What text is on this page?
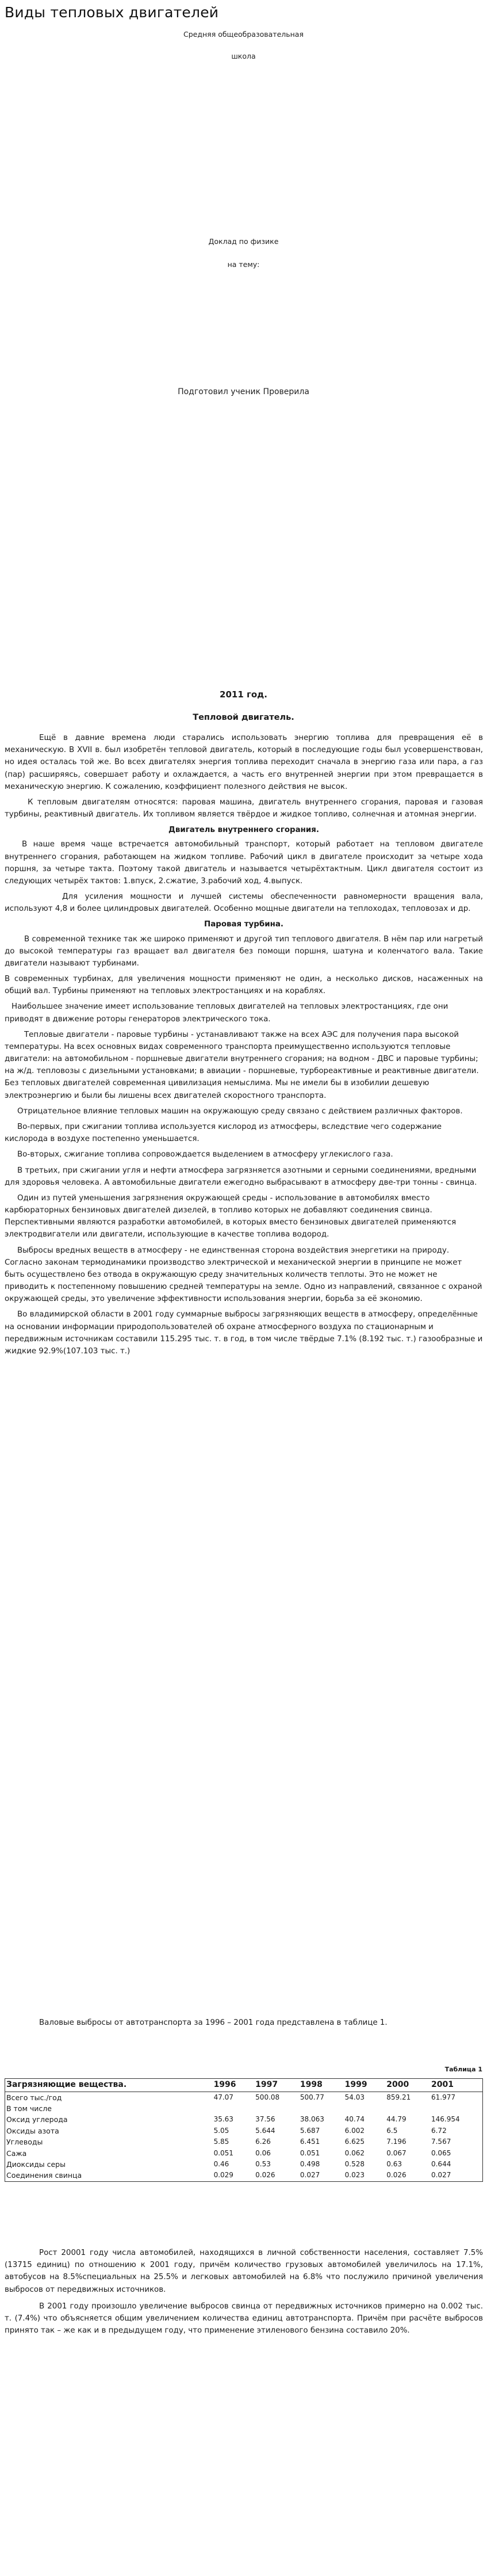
Виды тепловых двигателей
Средняя общеобразовательная
школа
Доклад по физике
на тему:
Подготовил ученик Проверила
2011 год.
Тепловой двигатель.

Ещё в давние времена люди старались использовать энергию топлива для превращения её в механическую. В XVII в. был изобретён тепловой двигатель, который в последующие годы был усовершенствован, но идея осталась той же. Во всех двигателях энергия топлива переходит сначала в энергию газа или пара, а газ (пар) расширяясь, совершает работу и охлаждается, а часть его внутренней энергии при этом превращается в механическую энергию. К сожалению, коэффициент полезного действия не высок.

К тепловым двигателям относятся: паровая машина, двигатель внутреннего сгорания, паровая и газовая турбины, реактивный двигатель. Их топливом является твёрдое и жидкое топливо, солнечная и атомная энергии.

Двигатель внутреннего сгорания.

В наше время чаще встречается автомобильный транспорт, который работает на тепловом двигателе внутреннего сгорания, работающем на жидком топливе. Рабочий цикл в двигателе происходит за четыре хода поршня, за четыре такта. Поэтому такой двигатель и называется четырёхтактным. Цикл двигателя состоит из следующих четырёх тактов: 1.впуск, 2.сжатие, 3.рабочий ход, 4.выпуск.

Для усиления мощности и лучшей системы обеспеченности равномерности вращения вала, используют 4,8 и более цилиндровых двигателей. Особенно мощные двигатели на теплоходах, тепловозах и др.

Паровая турбина.

В современной технике так же широко применяют и другой тип теплового двигателя. В нём пар или нагретый до высокой температуры газ вращает вал двигателя без помощи поршня, шатуна и коленчатого вала. Такие двигатели называют турбинами.

В современных турбинах, для увеличения мощности применяют не один, а несколько дисков, насаженных на общий вал. Турбины применяют на тепловых электростанциях и на кораблях.

Наибольшее значение имеет использование тепловых двигателей на тепловых электростанциях, где они приводят в движение роторы генераторов электрического тока.

Тепловые двигатели - паровые турбины - устанавливают также на всех АЭС для получения пара высокой температуры. На всех основных видах современного транспорта преимущественно используются тепловые двигатели: на автомобильном - поршневые двигатели внутреннего сгорания; на водном - ДВС и паровые турбины; на ж/д. тепловозы с дизельными установками; в авиации - поршневые, турбореактивные и реактивные двигатели. Без тепловых двигателей современная цивилизация немыслима. Мы не имели бы в изобилии дешевую электроэнергию и были бы лишены всех двигателей скоростного транспорта.

Отрицательное влияние тепловых машин на окружающую среду связано с действием различных факторов.

Во-первых, при сжигании топлива используется кислород из атмосферы, вследствие чего содержание кислорода в воздухе постепенно уменьшается.

Во-вторых, сжигание топлива сопровождается выделением в атмосферу углекислого газа.

В третьих, при сжигании угля и нефти атмосфера загрязняется азотными и серными соединениями, вредными для здоровья человека. А автомобильные двигатели ежегодно выбрасывают в атмосферу две-три тонны - свинца.

Один из путей уменьшения загрязнения окружающей среды - использование в автомобилях вместо карбюраторных бензиновых двигателей дизелей, в топливо которых не добавляют соединения свинца. Перспективными являются разработки автомобилей, в которых вместо бензиновых двигателей применяются электродвигатели или двигатели, использующие в качестве топлива водород.

Выбросы вредных веществ в атмосферу - не единственная сторона воздействия энергетики на природу. Согласно законам термодинамики производство электрической и механической энергии в принципе не может быть осуществлено без отвода в окружающую среду значительных количеств теплоты. Это не может не приводить к постепенному повышению средней температуры на земле. Одно из направлений, связанное с охраной окружающей среды, это увеличение эффективности использования энергии, борьба за её экономию.

Во владимирской области в 2001 году суммарные выбросы загрязняющих веществ в атмосферу, определённые на основании информации природопользователей об охране атмосферного воздуха по стационарным и передвижным источникам составили 115.295 тыс. т. в год, в том числе твёрдые 7.1% (8.192 тыс. т.) газообразные и жидкие 92.9%(107.103 тыс. т.)

Валовые выбросы от автотранспорта за 1996 – 2001 года представлена в таблице 1.

Таблица 1
Загрязняющие вещества.	1996	1997	1998	1999	2000	2001
Всего тыс./год	47.07	500.08	500.77	54.03	859.21	61.977
В том числе						
Оксид углерода	35.63	37.56	38.063	40.74	44.79	146.954
Оксиды азота	5.05	5.644	5.687	6.002	6.5	6.72
Углеводы	5.85	6.26	6.451	6.625	7.196	7.567
Сажа	0.051	0.06	0.051	0.062	0.067	0.065
Диоксиды серы	0.46	0.53	0.498	0.528	0.63	0.644
Соединения свинца	0.029	0.026	0.027	0.023	0.026	0.027

Рост 20001 году числа автомобилей, находящихся в личной собственности населения, составляет 7.5% (13715 единиц) по отношению к 2001 году, причём количество грузовых автомобилей увеличилось на 17.1%, автобусов на 8.5%специальных на 25.5% и легковых автомобилей на 6.8% что послужило причиной увеличения выбросов от передвижных источников.

В 2001 году произошло увеличение выбросов свинца от передвижных источников примерно на 0.002 тыс. т. (7.4%) что объясняется общим увеличением количества единиц автотранспорта. Причём при расчёте выбросов принято так – же как и в предыдущем году, что применение этиленового бензина составило 20%.
